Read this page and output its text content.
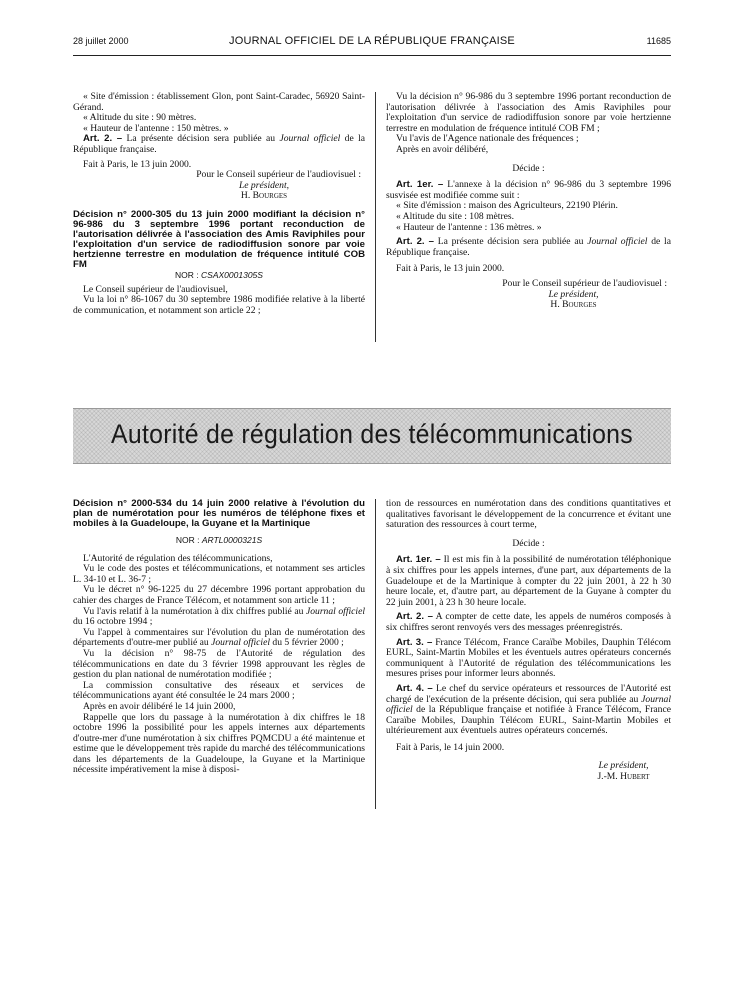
28 juillet 2000	JOURNAL OFFICIEL DE LA RÉPUBLIQUE FRANÇAISE	11685

« Site d'émission : établissement Glon, pont Saint-Caradec, 56920 Saint-Gérand.

« Altitude du site : 90 mètres.

« Hauteur de l'antenne : 150 mètres. »

Art. 2. – La présente décision sera publiée au Journal officiel de la République française.

Fait à Paris, le 13 juin 2000.

Pour le Conseil supérieur de l'audiovisuel :

Le président,

H. Bourges

Décision n° 2000-305 du 13 juin 2000 modifiant la décision n° 96-986 du 3 septembre 1996 portant reconduction de l'autorisation délivrée à l'association des Amis Raviphiles pour l'exploitation d'un service de radiodiffusion sonore par voie hertzienne terrestre en modulation de fréquence intitulé COB FM

NOR : CSAX0001305S

Le Conseil supérieur de l'audiovisuel,

Vu la loi n° 86-1067 du 30 septembre 1986 modifiée relative à la liberté de communication, et notamment son article 22 ;

Vu la décision n° 96-986 du 3 septembre 1996 portant reconduction de l'autorisation délivrée à l'association des Amis Raviphiles pour l'exploitation d'un service de radiodiffusion sonore par voie hertzienne terrestre en modulation de fréquence intitulé COB FM ;

Vu l'avis de l'Agence nationale des fréquences ;

Après en avoir délibéré,

Décide :

Art. 1er. – L'annexe à la décision n° 96-986 du 3 septembre 1996 susvisée est modifiée comme suit :

« Site d'émission : maison des Agriculteurs, 22190 Plérin.

« Altitude du site : 108 mètres.

« Hauteur de l'antenne : 136 mètres. »

Art. 2. – La présente décision sera publiée au Journal officiel de la République française.

Fait à Paris, le 13 juin 2000.

Pour le Conseil supérieur de l'audiovisuel :

Le président,

H. Bourges

Autorité de régulation des télécommunications

Décision n° 2000-534 du 14 juin 2000 relative à l'évolution du plan de numérotation pour les numéros de téléphone fixes et mobiles à la Guadeloupe, la Guyane et la Martinique

NOR : ARTL0000321S

L'Autorité de régulation des télécommunications,

Vu le code des postes et télécommunications, et notamment ses articles L. 34-10 et L. 36-7 ;

Vu le décret n° 96-1225 du 27 décembre 1996 portant approbation du cahier des charges de France Télécom, et notamment son article 11 ;

Vu l'avis relatif à la numérotation à dix chiffres publié au Journal officiel du 16 octobre 1994 ;

Vu l'appel à commentaires sur l'évolution du plan de numérotation des départements d'outre-mer publié au Journal officiel du 5 février 2000 ;

Vu la décision n° 98-75 de l'Autorité de régulation des télécommunications en date du 3 février 1998 approuvant les règles de gestion du plan national de numérotation modifiée ;

La commission consultative des réseaux et services de télécommunications ayant été consultée le 24 mars 2000 ;

Après en avoir délibéré le 14 juin 2000,

Rappelle que lors du passage à la numérotation à dix chiffres le 18 octobre 1996 la possibilité pour les appels internes aux départements d'outre-mer d'une numérotation à six chiffres PQMCDU a été maintenue et estime que le développement très rapide du marché des télécommunications dans les départements de la Guadeloupe, la Guyane et la Martinique nécessite impérativement la mise à disposi-

tion de ressources en numérotation dans des conditions quantitatives et qualitatives favorisant le développement de la concurrence et évitant une saturation des ressources à court terme,

Décide :

Art. 1er. – Il est mis fin à la possibilité de numérotation téléphonique à six chiffres pour les appels internes, d'une part, aux départements de la Guadeloupe et de la Martinique à compter du 22 juin 2001, à 22 h 30 heure locale, et, d'autre part, au département de la Guyane à compter du 22 juin 2001, à 23 h 30 heure locale.

Art. 2. – A compter de cette date, les appels de numéros composés à six chiffres seront renvoyés vers des messages préenregistrés.

Art. 3. – France Télécom, France Caraïbe Mobiles, Dauphin Télécom EURL, Saint-Martin Mobiles et les éventuels autres opérateurs concernés communiquent à l'Autorité de régulation des télécommunications les mesures prises pour informer leurs abonnés.

Art. 4. – Le chef du service opérateurs et ressources de l'Autorité est chargé de l'exécution de la présente décision, qui sera publiée au Journal officiel de la République française et notifiée à France Télécom, France Caraïbe Mobiles, Dauphin Télécom EURL, Saint-Martin Mobiles et ultérieurement aux éventuels autres opérateurs concernés.

Fait à Paris, le 14 juin 2000.

Le président,

J.-M. Hubert
